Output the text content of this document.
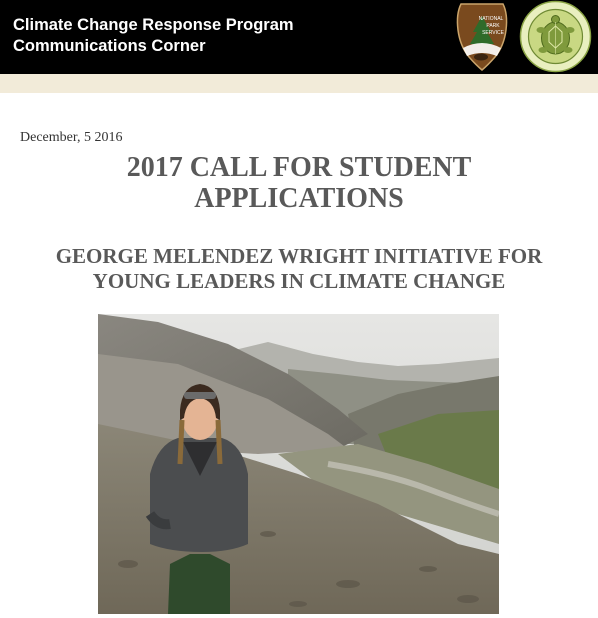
Climate Change Response Program
Communications Corner
NATIONAL
PARK
SERVICE
December, 5 2016
2017 CALL FOR STUDENT
APPLICATIONS
GEORGE MELENDEZ WRIGHT INITIATIVE FOR
YOUNG LEADERS IN CLIMATE CHANGE
